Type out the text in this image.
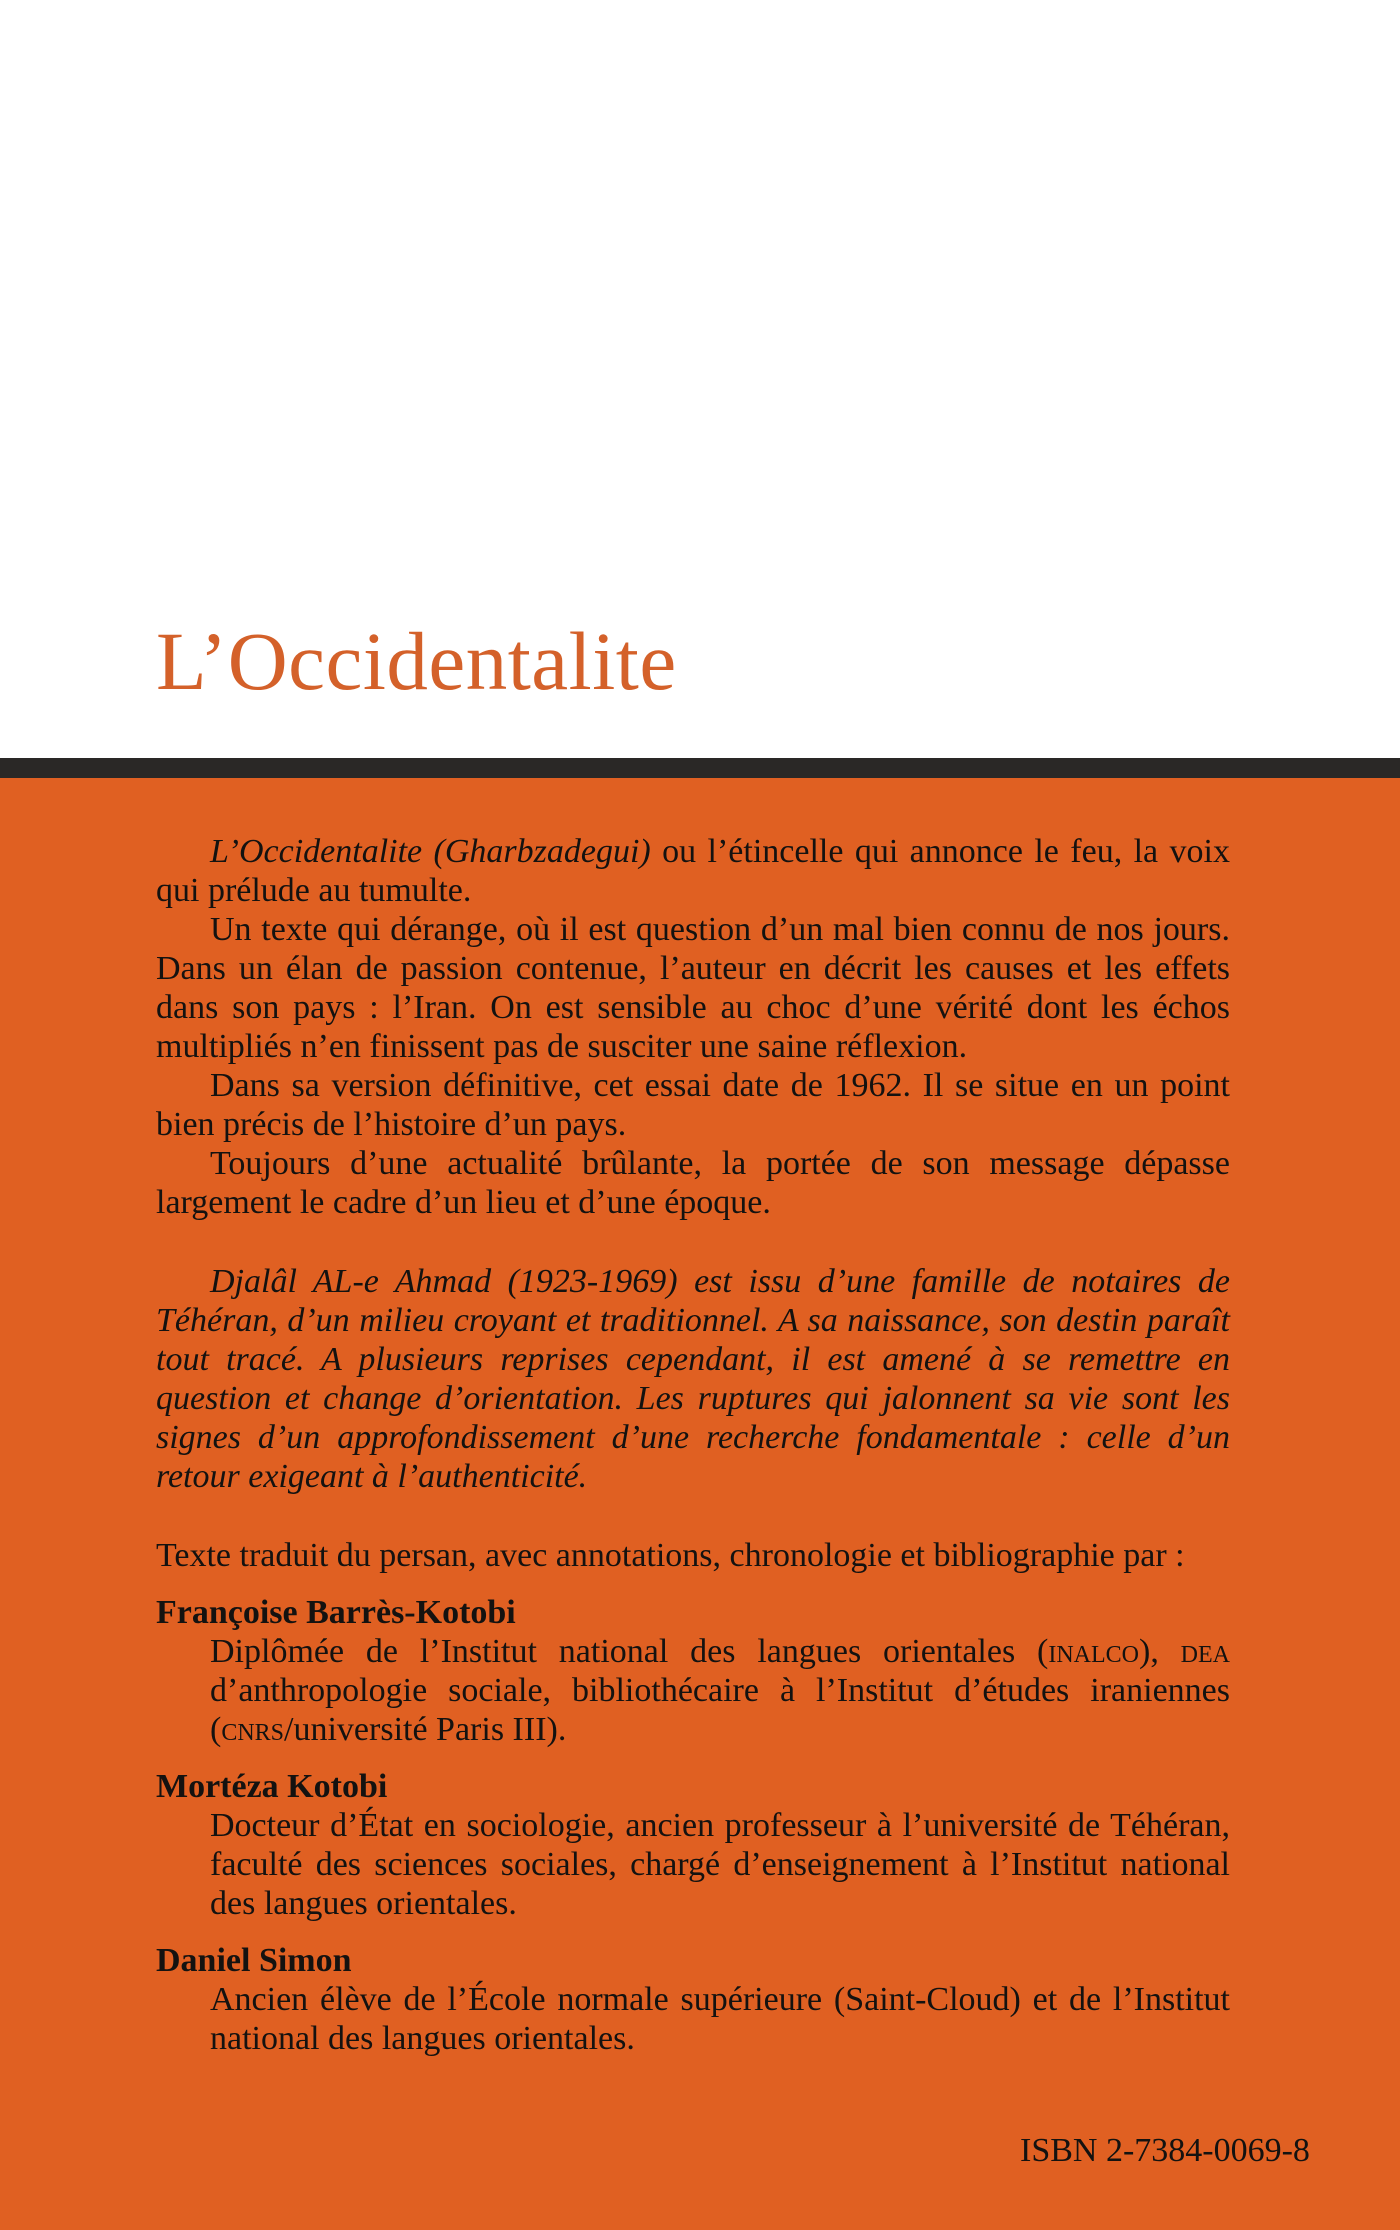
L’Occidentalite

L’Occidentalite (Gharbzadegui) ou l’étincelle qui annonce le feu, la voix qui prélude au tumulte.

Un texte qui dérange, où il est question d’un mal bien connu de nos jours. Dans un élan de passion contenue, l’auteur en décrit les causes et les effets dans son pays : l’Iran. On est sensible au choc d’une vérité dont les échos multipliés n’en finissent pas de susciter une saine réflexion.

Dans sa version définitive, cet essai date de 1962. Il se situe en un point bien précis de l’histoire d’un pays.

Toujours d’une actualité brûlante, la portée de son message dépasse largement le cadre d’un lieu et d’une époque.

Djalâl AL-e Ahmad (1923-1969) est issu d’une famille de notaires de Téhéran, d’un milieu croyant et traditionnel. A sa naissance, son destin paraît tout tracé. A plusieurs reprises cependant, il est amené à se remettre en question et change d’orientation. Les ruptures qui jalonnent sa vie sont les signes d’un approfondissement d’une recherche fondamentale : celle d’un retour exigeant à l’authenticité.

Texte traduit du persan, avec annotations, chronologie et bibliographie par :

Françoise Barrès-Kotobi

Diplômée de l’Institut national des langues orientales (inalco), dea d’anthropologie sociale, bibliothécaire à l’Institut d’études iraniennes (cnrs/université Paris III).

Mortéza Kotobi

Docteur d’État en sociologie, ancien professeur à l’université de Téhéran, faculté des sciences sociales, chargé d’enseignement à l’Institut national des langues orientales.

Daniel Simon

Ancien élève de l’École normale supérieure (Saint-Cloud) et de l’Institut national des langues orientales.

ISBN 2-7384-0069-8
